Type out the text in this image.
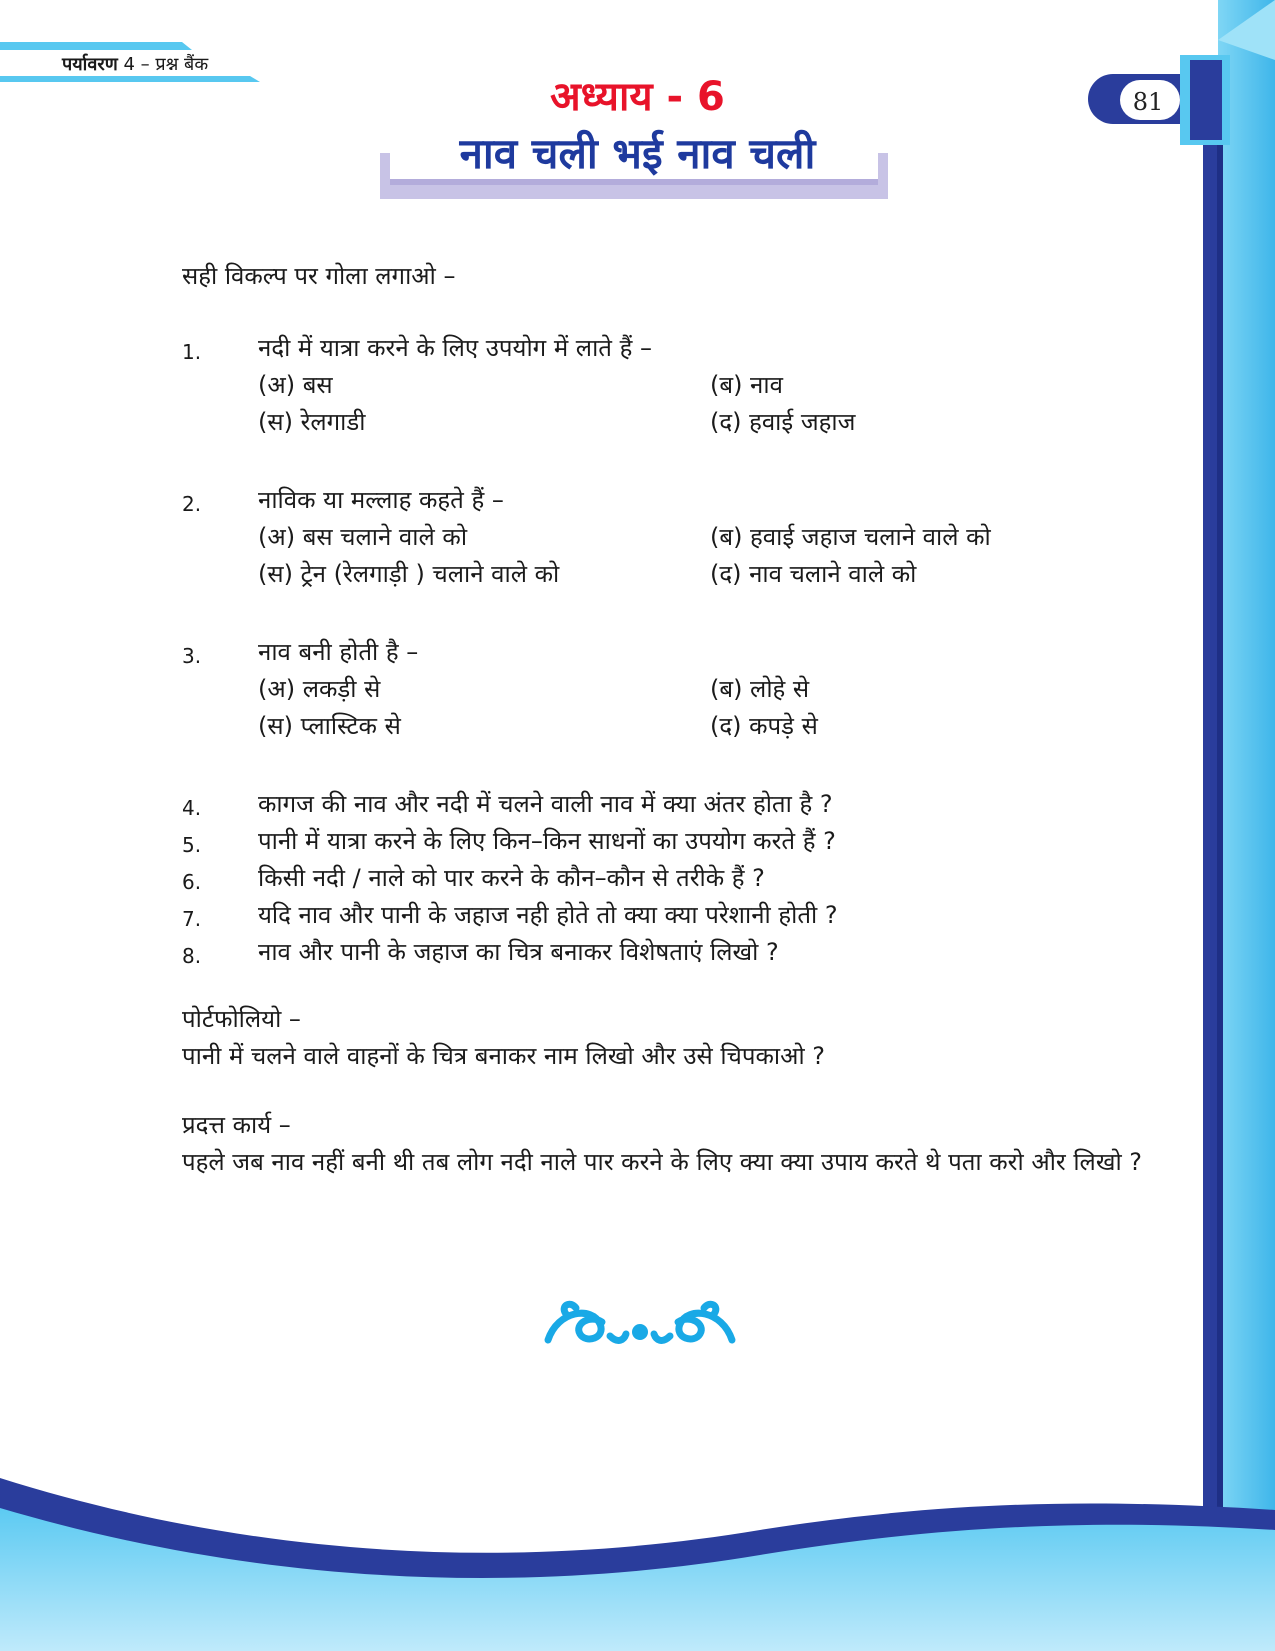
पर्यावरण 4 – प्रश्न बैंक
81
अध्याय - 6
नाव चली भई नाव चली
सही विकल्प पर गोला लगाओ –
1. नदी में यात्रा करने के लिए उपयोग में लाते हैं –
(अ) बस	(ब) नाव
(स) रेलगाडी	(द) हवाई जहाज
2. नाविक या मल्लाह कहते हैं –
(अ) बस चलाने वाले को	(ब) हवाई जहाज चलाने वाले को
(स) ट्रेन (रेलगाड़ी ) चलाने वाले को	(द) नाव चलाने वाले को
3. नाव बनी होती है –
(अ) लकड़ी से	(ब) लोहे से
(स) प्लास्टिक से	(द) कपड़े से
4. कागज की नाव और नदी में चलने वाली नाव में क्या अंतर होता है ?
5. पानी में यात्रा करने के लिए किन–किन साधनों का उपयोग करते हैं ?
6. किसी नदी / नाले को पार करने के कौन–कौन से तरीके हैं ?
7. यदि नाव और पानी के जहाज नही होते तो क्या क्या परेशानी होती ?
8. नाव और पानी के जहाज का चित्र बनाकर विशेषताएं लिखो ?
पोर्टफोलियो –
पानी में चलने वाले वाहनों के चित्र बनाकर नाम लिखो और उसे चिपकाओ ?
प्रदत्त कार्य –
पहले जब नाव नहीं बनी थी तब लोग नदी नाले पार करने के लिए क्या क्या उपाय करते थे पता करो और लिखो ?
